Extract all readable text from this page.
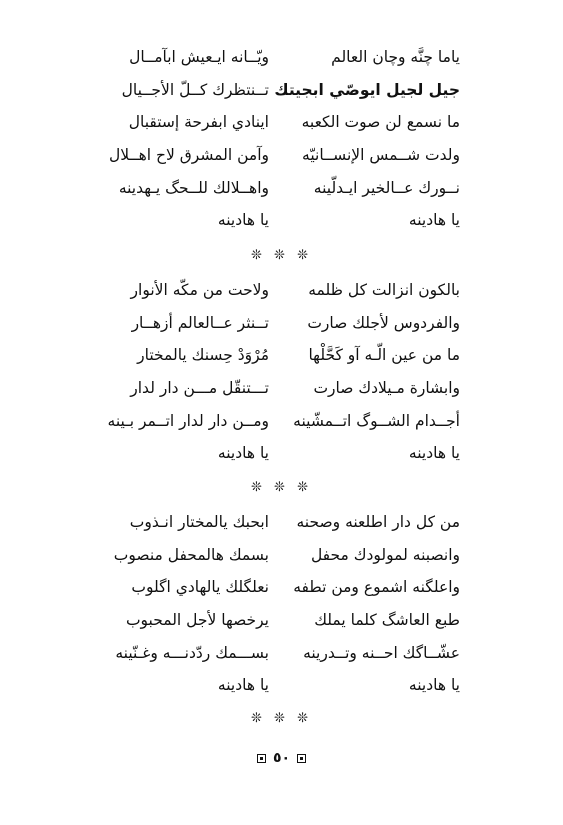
ياما چنَّه وچان العالم
ويّــانه ايـعيش ابآمــال
جيل لجيل ايوصّي ابجيتك
تــنتظرك كــلّ الأجــيال
ما نسمع لن صوت الكعبه
اينادي ابفرحة إستقبال
ولدت شــمس الإنســانيّه
وآمن المشرق لاح اهــلال
نــورك عــالخير ايـدلّينه
واهــلالك للــحگ يـهدينه
يا هادينه
يا هادينه
❊ ❊ ❊
بالكون انزالت كل ظلمه
ولاحت من مكّه الأنوار
والفردوس لأجلك صارت
تــنثر عــالعالم أزهــار
ما من عين الّـه آو كَحَّلْها
مُرْوَدْ حِسنك يالمختار
وابشارة مـيلادك صارت
تـــتنقّل مـــن دار لدار
أجــدام الشــوگ اتــمشّينه
ومــن دار لدار اتــمر بـينه
يا هادينه
يا هادينه
❊ ❊ ❊
من كل دار اطلعنه وصحنه
ابحبك يالمختار انـذوب
وانصبنه لمولودك محفل
بسمك هالمحفل منصوب
واعلگنه اشموع ومن تطفه
نعلگلك يالهادي اگلوب
طبع العاشگ كلما يملك
يرخصها لأجل المحبوب
عشّــاگك احــنه وتــدرينه
بســـمك ردّدنـــه وغـنّينه
يا هادينه
يا هادينه
❊ ❊ ❊
٥٠
